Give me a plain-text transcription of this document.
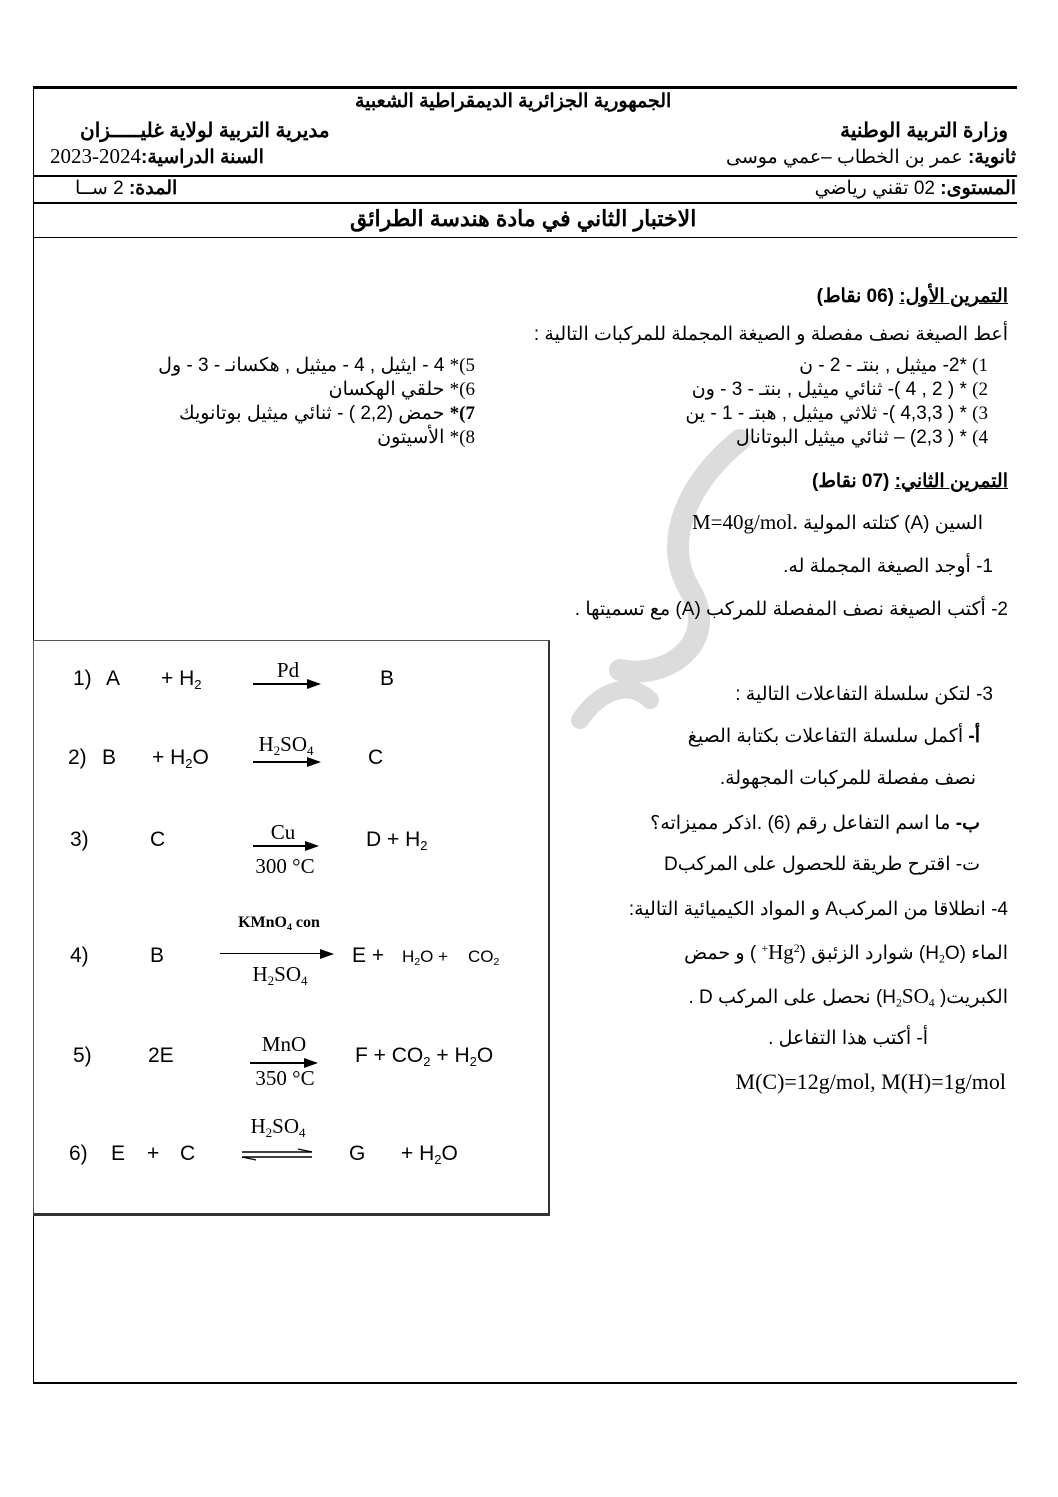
الجمهورية الجزائرية الديمقراطية الشعبية
وزارة التربية الوطنية
مديرية التربية لولاية غليـــــزان
ثانوية: عمر بن الخطاب –عمي موسى
السنة الدراسية:2024-2023
المستوى: 02 تقني رياضي
المدة: 2 ســا
الاختبار الثاني في مادة هندسة الطرائق
التمرين الأول: (06 نقاط)
أعط الصيغة نصف مفصلة و الصيغة المجملة للمركبات التالية :
1) *2- ميثيل , بنتـ - 2 - ن
2) * ( 2 , 4 )- ثنائي ميثيل , بنتـ - 3 - ون
3) * ( 4,3,3 )- ثلاثي ميثيل , هبتـ - 1 - ين
4) * ( 2,3) – ثنائي ميثيل البوتانال
5)* 4 - ايثيل , 4 - ميثيل , هكسانـ - 3 - ول
6)* حلقي الهكسان
7)* حمض (2,2 ) - ثنائي ميثيل بوتانويك
8)* الأسيتون
التمرين الثاني: (07 نقاط)
السين (A) كتلته المولية M=40g/mol.
1- أوجد الصيغة المجملة له.
2- أكتب الصيغة نصف المفصلة للمركب (A) مع تسميتها .
3- لتكن سلسلة التفاعلات التالية :
أ- أكمل سلسلة التفاعلات بكتابة الصيغ
نصف مفصلة للمركبات المجهولة.
ب- ما اسم التفاعل رقم (6) .اذكر مميزاته؟
ت- اقترح طريقة للحصول على المركبD
4- انطلاقا من المركبA و المواد الكيميائية التالية:
الماء $(H_2O)$ شوارد الزئبق ($Hg^{2+}$ ) و حمض
الكبريت( $H_2SO_4$) نحصل على المركب D .
أ- أكتب هذا التفاعل .
M(C)=12g/mol, M(H)=1g/mol
1) $A + H_2$
Pd	B
2) $B + H_2O$
$H_2SO_4$	C
3)	C	Cu
300 °C
$D + H_2$
4)	B
KMnO$_4$ con
$H_2SO_4$
$E + H_2O + CO_2$
5)	2E	MnO
350 °C
$F + CO_2 + H_2O$
6) E + C
$H_2SO_4$
$G + H_2O$
